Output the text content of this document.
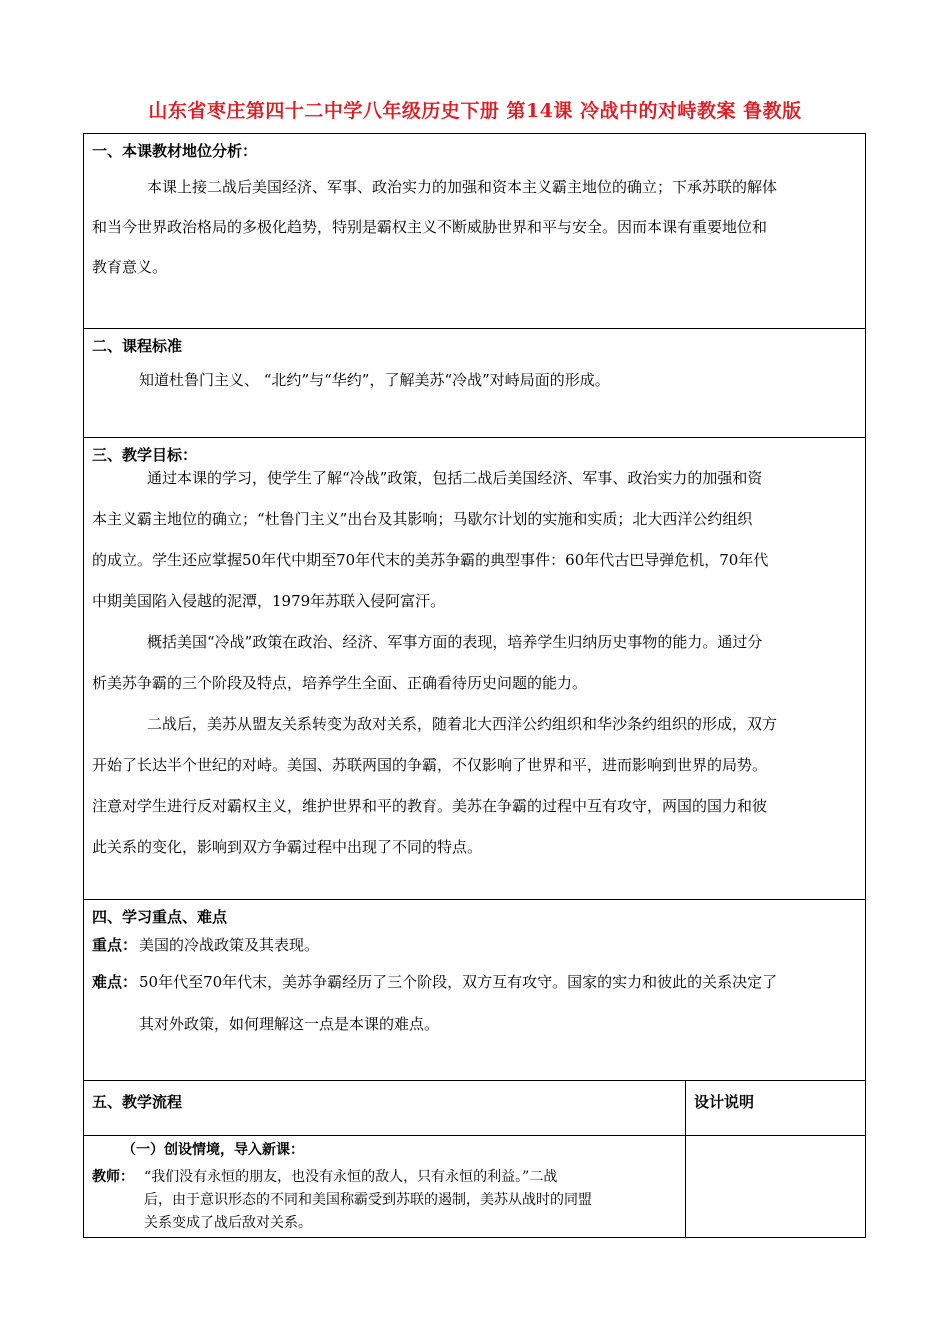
山东省枣庄第四十二中学八年级历史下册 第14课 冷战中的对峙教案 鲁教版
一、本课教材地位分析：
本课上接二战后美国经济、军事、政治实力的加强和资本主义霸主地位的确立；下承苏联的解体
和当今世界政治格局的多极化趋势，特别是霸权主义不断威胁世界和平与安全。因而本课有重要地位和
教育意义。
二、课程标准
知道杜鲁门主义、 “北约”与“华约”，了解美苏“冷战”对峙局面的形成。
三、教学目标：
通过本课的学习，使学生了解“冷战”政策，包括二战后美国经济、军事、政治实力的加强和资
本主义霸主地位的确立；“杜鲁门主义”出台及其影响；马歇尔计划的实施和实质；北大西洋公约组织
的成立。学生还应掌握50年代中期至70年代末的美苏争霸的典型事件：60年代古巴导弹危机，70年代
中期美国陷入侵越的泥潭，1979年苏联入侵阿富汗。
概括美国“冷战”政策在政治、经济、军事方面的表现，培养学生归纳历史事物的能力。通过分
析美苏争霸的三个阶段及特点，培养学生全面、正确看待历史问题的能力。
二战后，美苏从盟友关系转变为敌对关系，随着北大西洋公约组织和华沙条约组织的形成，双方
开始了长达半个世纪的对峙。美国、苏联两国的争霸，不仅影响了世界和平，进而影响到世界的局势。
注意对学生进行反对霸权主义，维护世界和平的教育。美苏在争霸的过程中互有攻守，两国的国力和彼
此关系的变化，影响到双方争霸过程中出现了不同的特点。
四、学习重点、难点
重点： 美国的冷战政策及其表现。
难点： 50年代至70年代末，美苏争霸经历了三个阶段，双方互有攻守。国家的实力和彼此的关系决定了
其对外政策，如何理解这一点是本课的难点。
五、教学流程	设计说明
（一）创设情境，导入新课：
教师： “我们没有永恒的朋友，也没有永恒的敌人，只有永恒的利益。”二战
后，由于意识形态的不同和美国称霸受到苏联的遏制，美苏从战时的同盟
关系变成了战后敌对关系。
